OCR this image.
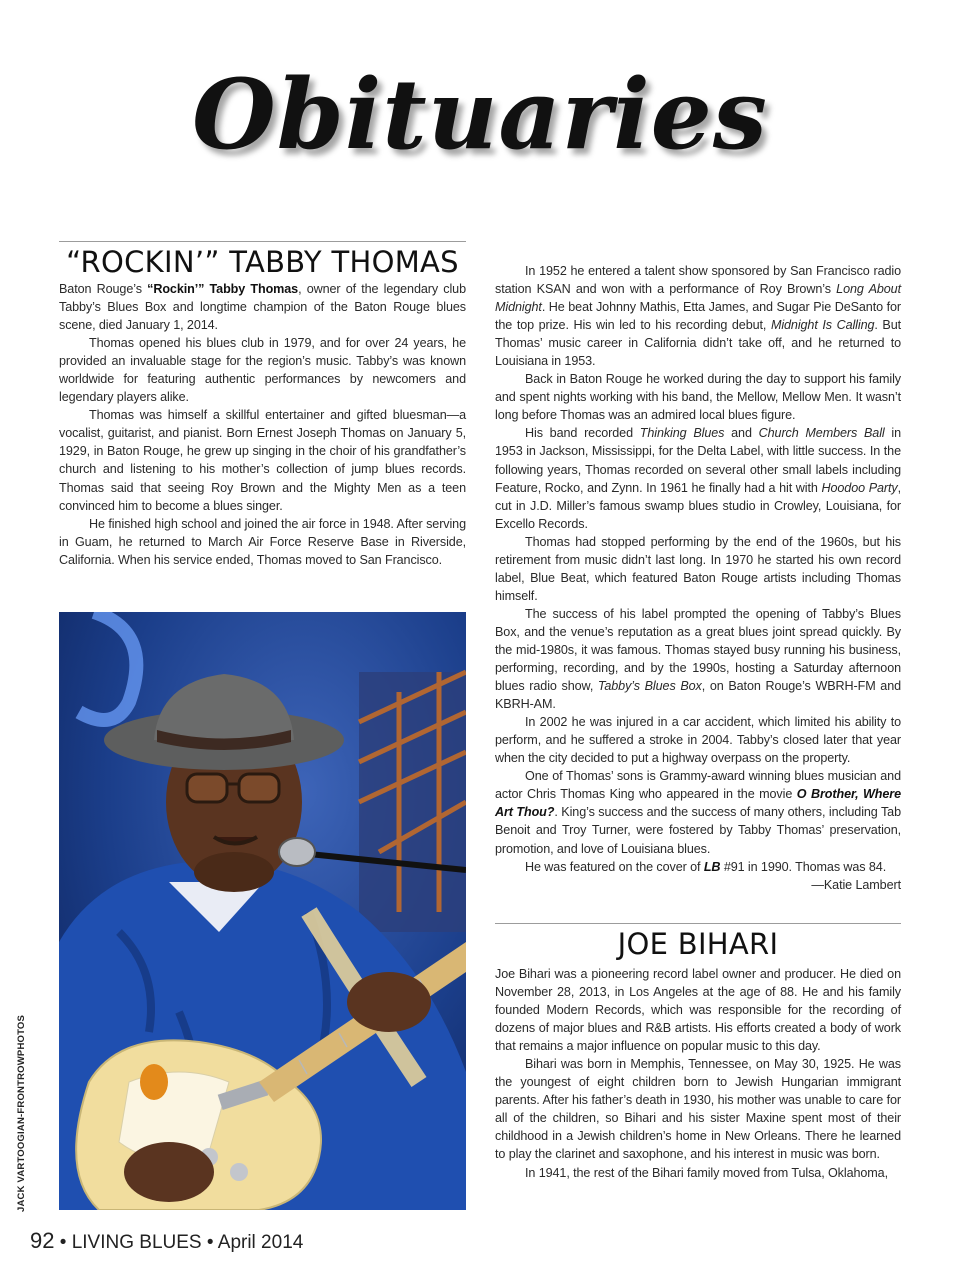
Obituaries
“ROCKIN’” TABBY THOMAS

Baton Rouge’s “Rockin’” Tabby Thomas, owner of the legendary club Tabby’s Blues Box and longtime champion of the Baton Rouge blues scene, died January 1, 2014.

Thomas opened his blues club in 1979, and for over 24 years, he provided an invaluable stage for the region’s music. Tabby’s was known worldwide for featuring authentic performances by newcomers and legendary players alike.

Thomas was himself a skillful entertainer and gifted bluesman—a vocalist, guitarist, and pianist. Born Ernest Joseph Thomas on January 5, 1929, in Baton Rouge, he grew up singing in the choir of his grandfather’s church and listening to his mother’s collection of jump blues records. Thomas said that seeing Roy Brown and the Mighty Men as a teen convinced him to become a blues singer.

He finished high school and joined the air force in 1948. After serving in Guam, he returned to March Air Force Reserve Base in Riverside, California. When his service ended, Thomas moved to San Francisco.

In 1952 he entered a talent show sponsored by San Francisco radio station KSAN and won with a performance of Roy Brown’s Long About Midnight. He beat Johnny Mathis, Etta James, and Sugar Pie DeSanto for the top prize. His win led to his recording debut, Midnight Is Calling. But Thomas’ music career in California didn’t take off, and he returned to Louisiana in 1953.

Back in Baton Rouge he worked during the day to support his family and spent nights working with his band, the Mellow, Mellow Men. It wasn’t long before Thomas was an admired local blues figure.

His band recorded Thinking Blues and Church Members Ball in 1953 in Jackson, Mississippi, for the Delta Label, with little success. In the following years, Thomas recorded on several other small labels including Feature, Rocko, and Zynn. In 1961 he finally had a hit with Hoodoo Party, cut in J.D. Miller’s famous swamp blues studio in Crowley, Louisiana, for Excello Records.

Thomas had stopped performing by the end of the 1960s, but his retirement from music didn’t last long. In 1970 he started his own record label, Blue Beat, which featured Baton Rouge artists including Thomas himself.

The success of his label prompted the opening of Tabby’s Blues Box, and the venue’s reputation as a great blues joint spread quickly. By the mid-1980s, it was famous. Thomas stayed busy running his business, performing, recording, and by the 1990s, hosting a Saturday afternoon blues radio show, Tabby’s Blues Box, on Baton Rouge’s WBRH-FM and KBRH-AM.

In 2002 he was injured in a car accident, which limited his ability to perform, and he suffered a stroke in 2004. Tabby’s closed later that year when the city decided to put a highway overpass on the property.

One of Thomas’ sons is Grammy-award winning blues musician and actor Chris Thomas King who appeared in the movie O Brother, Where Art Thou?. King’s success and the success of many others, including Tab Benoit and Troy Turner, were fostered by Tabby Thomas’ preservation, promotion, and love of Louisiana blues.

He was featured on the cover of LB #91 in 1990. Thomas was 84.

—Katie Lambert
JOE BIHARI

Joe Bihari was a pioneering record label owner and producer. He died on November 28, 2013, in Los Angeles at the age of 88. He and his family founded Modern Records, which was responsible for the recording of dozens of major blues and R&B artists. His efforts created a body of work that remains a major influence on popular music to this day.

Bihari was born in Memphis, Tennessee, on May 30, 1925. He was the youngest of eight children born to Jewish Hungarian immigrant parents. After his father’s death in 1930, his mother was unable to care for all of the children, so Bihari and his sister Maxine spent most of their childhood in a Jewish children’s home in New Orleans. There he learned to play the clarinet and saxophone, and his interest in music was born.

In 1941, the rest of the Bihari family moved from Tulsa, Oklahoma,

JACK VARTOOGIAN-FRONTROWPHOTOS
92 • LIVING BLUES • April 2014
